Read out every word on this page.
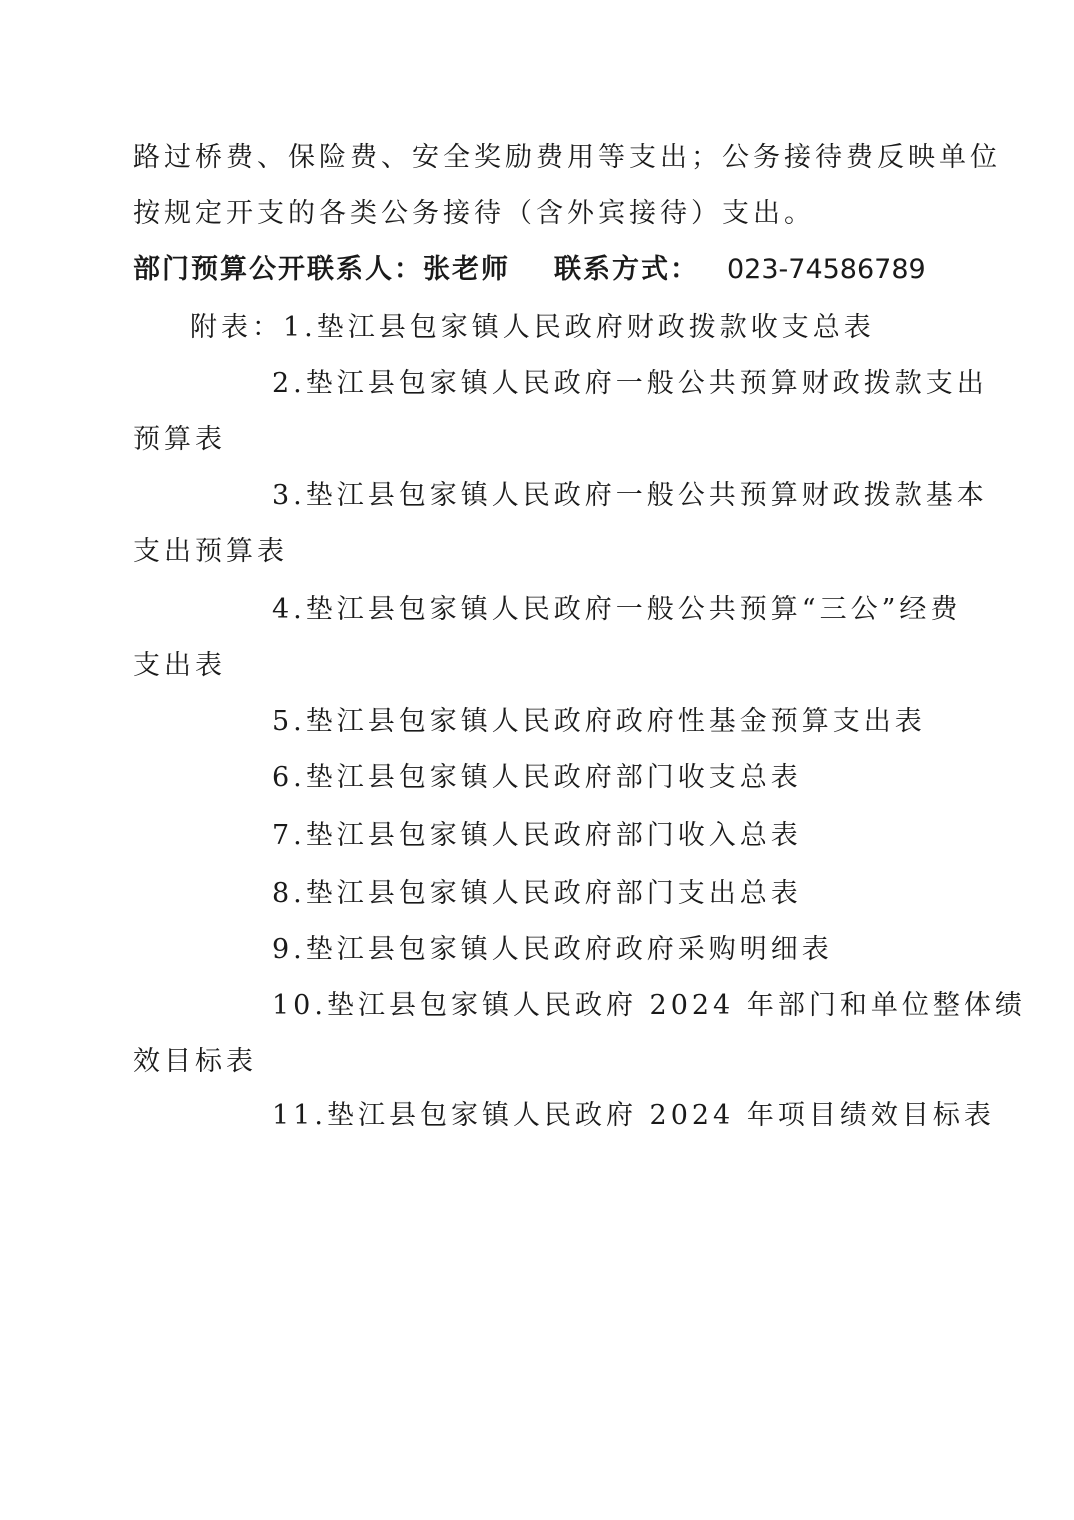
路过桥费、保险费、安全奖励费用等支出；公务接待费反映单位
按规定开支的各类公务接待（含外宾接待）支出。
部门预算公开联系人：张老师 联系方式： 023-74586789
附表：1.垫江县包家镇人民政府财政拨款收支总表
2.垫江县包家镇人民政府一般公共预算财政拨款支出
预算表
3.垫江县包家镇人民政府一般公共预算财政拨款基本
支出预算表
4.垫江县包家镇人民政府一般公共预算“三公”经费
支出表
5.垫江县包家镇人民政府政府性基金预算支出表
6.垫江县包家镇人民政府部门收支总表
7.垫江县包家镇人民政府部门收入总表
8.垫江县包家镇人民政府部门支出总表
9.垫江县包家镇人民政府政府采购明细表
10.垫江县包家镇人民政府 2024 年部门和单位整体绩
效目标表
11.垫江县包家镇人民政府 2024 年项目绩效目标表
